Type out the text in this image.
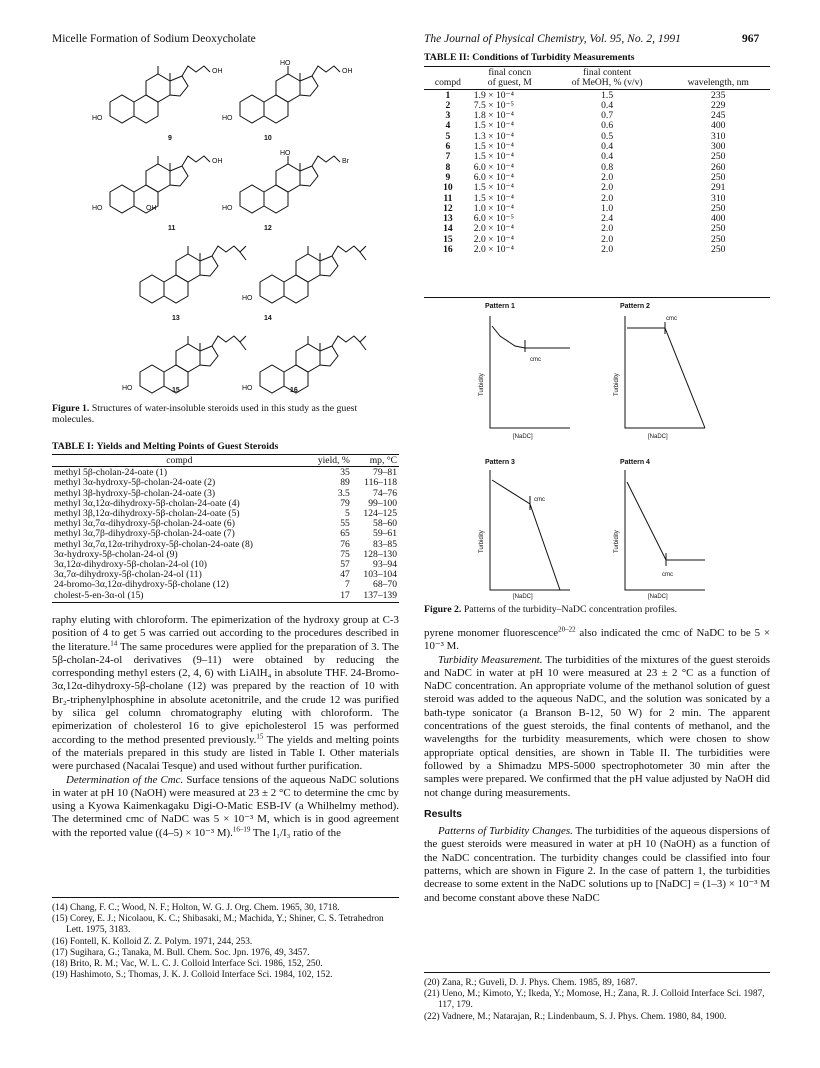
Micelle Formation of Sodium Deoxycholate	The Journal of Physical Chemistry, Vol. 95, No. 2, 1991	967
OH
HO
OH
HO
HO
OH
HO	OH
Br
HO
HO
HO
HO	HO
9	10
11	12
13	14
15	16
Figure 1. Structures of water-insoluble steroids used in this study as the guest molecules.
TABLE I: Yields and Melting Points of Guest Steroids
compd	yield, %	mp, °C

methyl 5β-cholan-24-oate (1)	35	79–81
methyl 3α-hydroxy-5β-cholan-24-oate (2)	89	116–118
methyl 3β-hydroxy-5β-cholan-24-oate (3)	3.5	74–76
methyl 3α,12α-dihydroxy-5β-cholan-24-oate (4)	79	99–100
methyl 3β,12α-dihydroxy-5β-cholan-24-oate (5)	5	124–125
methyl 3α,7α-dihydroxy-5β-cholan-24-oate (6)	55	58–60
methyl 3α,7β-dihydroxy-5β-cholan-24-oate (7)	65	59–61
methyl 3α,7α,12α-trihydroxy-5β-cholan-24-oate (8)	76	83–85
3α-hydroxy-5β-cholan-24-ol (9)	75	128–130
3α,12α-dihydroxy-5β-cholan-24-ol (10)	57	93–94
3α,7α-dihydroxy-5β-cholan-24-ol (11)	47	103–104
24-bromo-3α,12α-dihydroxy-5β-cholane (12)	7	68–70
cholest-5-en-3α-ol (15)	17	137–139

raphy eluting with chloroform. The epimerization of the hydroxy group at C-3 position of 4 to get 5 was carried out according to the procedures described in the literature.$^{14}$ The same procedures were applied for the preparation of 3. The 5β-cholan-24-ol derivatives (9–11) were obtained by reducing the corresponding methyl esters (2, 4, 6) with LiAlH₄ in absolute THF. 24-Bromo-3α,12α-dihydroxy-5β-cholane (12) was prepared by the reaction of 10 with Br₂-triphenylphosphine in absolute acetonitrile, and the crude 12 was purified by silica gel column chromatography eluting with chloroform. The epimerization of cholesterol 16 to give epicholesterol 15 was performed according to the method presented previously.$^{15}$ The yields and melting points of the materials prepared in this study are listed in Table I. Other materials were purchased (Nacalai Tesque) and used without further purification.

Determination of the Cmc. Surface tensions of the aqueous NaDC solutions in water at pH 10 (NaOH) were measured at 23 ± 2 °C to determine the cmc by using a Kyowa Kaimenkagaku Digi-O-Matic ESB-IV (a Whilhelmy method). The determined cmc of NaDC was 5 × 10⁻³ M, which is in good agreement with the reported value ((4–5) × 10⁻³ M).$^{16-19}$ The I₁/I₃ ratio of the

(14) Chang, F. C.; Wood, N. F.; Holton, W. G. J. Org. Chem. 1965, 30, 1718.
(15) Corey, E. J.; Nicolaou, K. C.; Shibasaki, M.; Machida, Y.; Shiner, C. S. Tetrahedron Lett. 1975, 3183.
(16) Fontell, K. Kolloid Z. Z. Polym. 1971, 244, 253.
(17) Sugihara, G.; Tanaka, M. Bull. Chem. Soc. Jpn. 1976, 49, 3457.
(18) Brito, R. M.; Vac, W. L. C. J. Colloid Interface Sci. 1986, 152, 250.
(19) Hashimoto, S.; Thomas, J. K. J. Colloid Interface Sci. 1984, 102, 152.
TABLE II: Conditions of Turbidity Measurements
	final concn	final content	
compd	of guest, M	of MeOH, % (v/v)	wavelength, nm

1	1.9 × 10⁻⁴	1.5	235
2	7.5 × 10⁻⁵	0.4	229
3	1.8 × 10⁻⁴	0.7	245
4	1.5 × 10⁻⁴	0.6	400
5	1.3 × 10⁻⁴	0.5	310
6	1.5 × 10⁻⁴	0.4	300
7	1.5 × 10⁻⁴	0.4	250
8	6.0 × 10⁻⁴	0.8	260
9	6.0 × 10⁻⁴	2.0	250
10	1.5 × 10⁻⁴	2.0	291
11	1.5 × 10⁻⁴	2.0	310
12	1.0 × 10⁻⁴	1.0	250
13	6.0 × 10⁻⁵	2.4	400
14	2.0 × 10⁻⁴	2.0	250
15	2.0 × 10⁻⁴	2.0	250
16	2.0 × 10⁻⁴	2.0	250
Pattern 1	Pattern 2
Pattern 3	Pattern 4
[NaDC]	[NaDC]
[NaDC]	[NaDC]
cmc
cmc
cmc
cmc
Turbidity	Turbidity
Turbidity	Turbidity
Figure 2. Patterns of the turbidity–NaDC concentration profiles.

pyrene monomer fluorescence$^{20-22}$ also indicated the cmc of NaDC to be 5 × 10⁻³ M.

Turbidity Measurement. The turbidities of the mixtures of the guest steroids and NaDC in water at pH 10 were measured at 23 ± 2 °C as a function of NaDC concentration. An appropriate volume of the methanol solution of guest steroid was added to the aqueous NaDC, and the solution was sonicated by a bath-type sonicator (a Branson B-12, 50 W) for 2 min. The apparent concentrations of the guest steroids, the final contents of methanol, and the wavelengths for the turbidity measurements, which were chosen to show appropriate optical densities, are shown in Table II. The turbidities were followed by a Shimadzu MPS-5000 spectrophotometer 30 min after the samples were prepared. We confirmed that the pH value adjusted by NaOH did not change during measurements.

Results

Patterns of Turbidity Changes. The turbidities of the aqueous dispersions of the guest steroids were measured in water at pH 10 (NaOH) as a function of the NaDC concentration. The turbidity changes could be classified into four patterns, which are shown in Figure 2. In the case of pattern 1, the turbidities decrease to some extent in the NaDC solutions up to [NaDC] = (1–3) × 10⁻³ M and become constant above these NaDC

(20) Zana, R.; Guveli, D. J. Phys. Chem. 1985, 89, 1687.
(21) Ueno, M.; Kimoto, Y.; Ikeda, Y.; Momose, H.; Zana, R. J. Colloid Interface Sci. 1987, 117, 179.
(22) Vadnere, M.; Natarajan, R.; Lindenbaum, S. J. Phys. Chem. 1980, 84, 1900.
